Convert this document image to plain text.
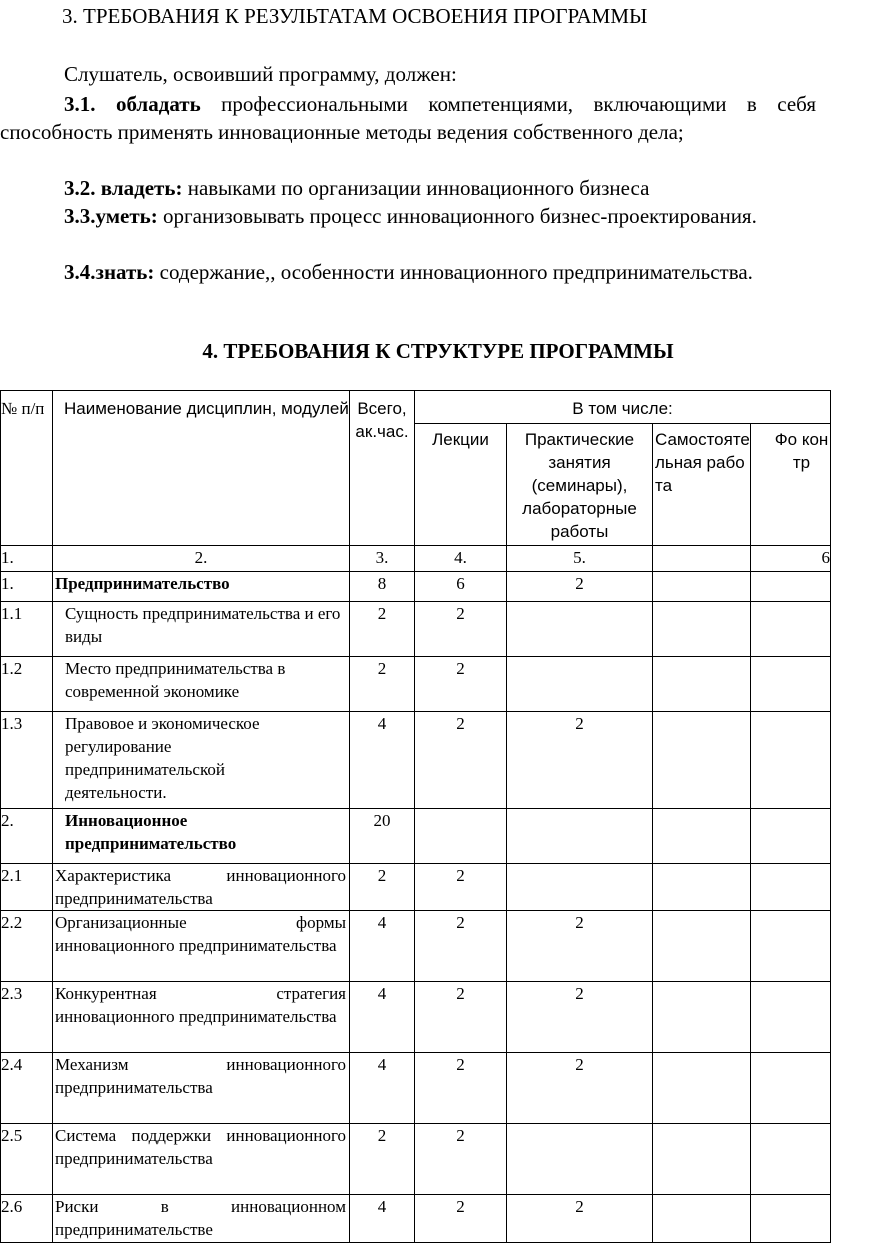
3. ТРЕБОВАНИЯ К РЕЗУЛЬТАТАМ ОСВОЕНИЯ ПРОГРАММЫ
Слушатель, освоивший программу, должен:
3.1. обладать профессиональными компетенциями, включающими в себя способность применять инновационные методы ведения собственного дела;
3.2. владеть: навыками по организации инновационного бизнеса
3.3.уметь: организовывать процесс инновационного бизнес-проектирования.
3.4.знать: содержание,, особенности инновационного предпринимательства.
4. ТРЕБОВАНИЯ К СТРУКТУРЕ ПРОГРАММЫ
№ п/п	Наименование дисциплин, модулей	Всего, ак.час.	В том числе:			
			Лекции	Практические занятия (семинары), лабораторные работы	Самостоятельная работа	Фо контр
1.	2.	3.	4.	5.		6
1.	Предпринимательство	8	6	2		
1.1	Сущность предпринимательства и его виды	2	2			
1.2	Место предпринимательства в современной экономике	2	2			
1.3	Правовое и экономическое регулирование предпринимательской деятельности.	4	2	2		
2.	Инновационное предпринимательство	20				
2.1	Характеристика инновационного предпринимательства	2	2			
2.2	Организационные формы инновационного предпринимательства	4	2	2		
2.3	Конкурентная стратегия инновационного предпринимательства	4	2	2		
2.4	Механизм инновационного предпринимательства	4	2	2		
2.5	Система поддержки инновационного предпринимательства	2	2			
2.6	Риски в инновационном предпринимательстве	4	2	2		
